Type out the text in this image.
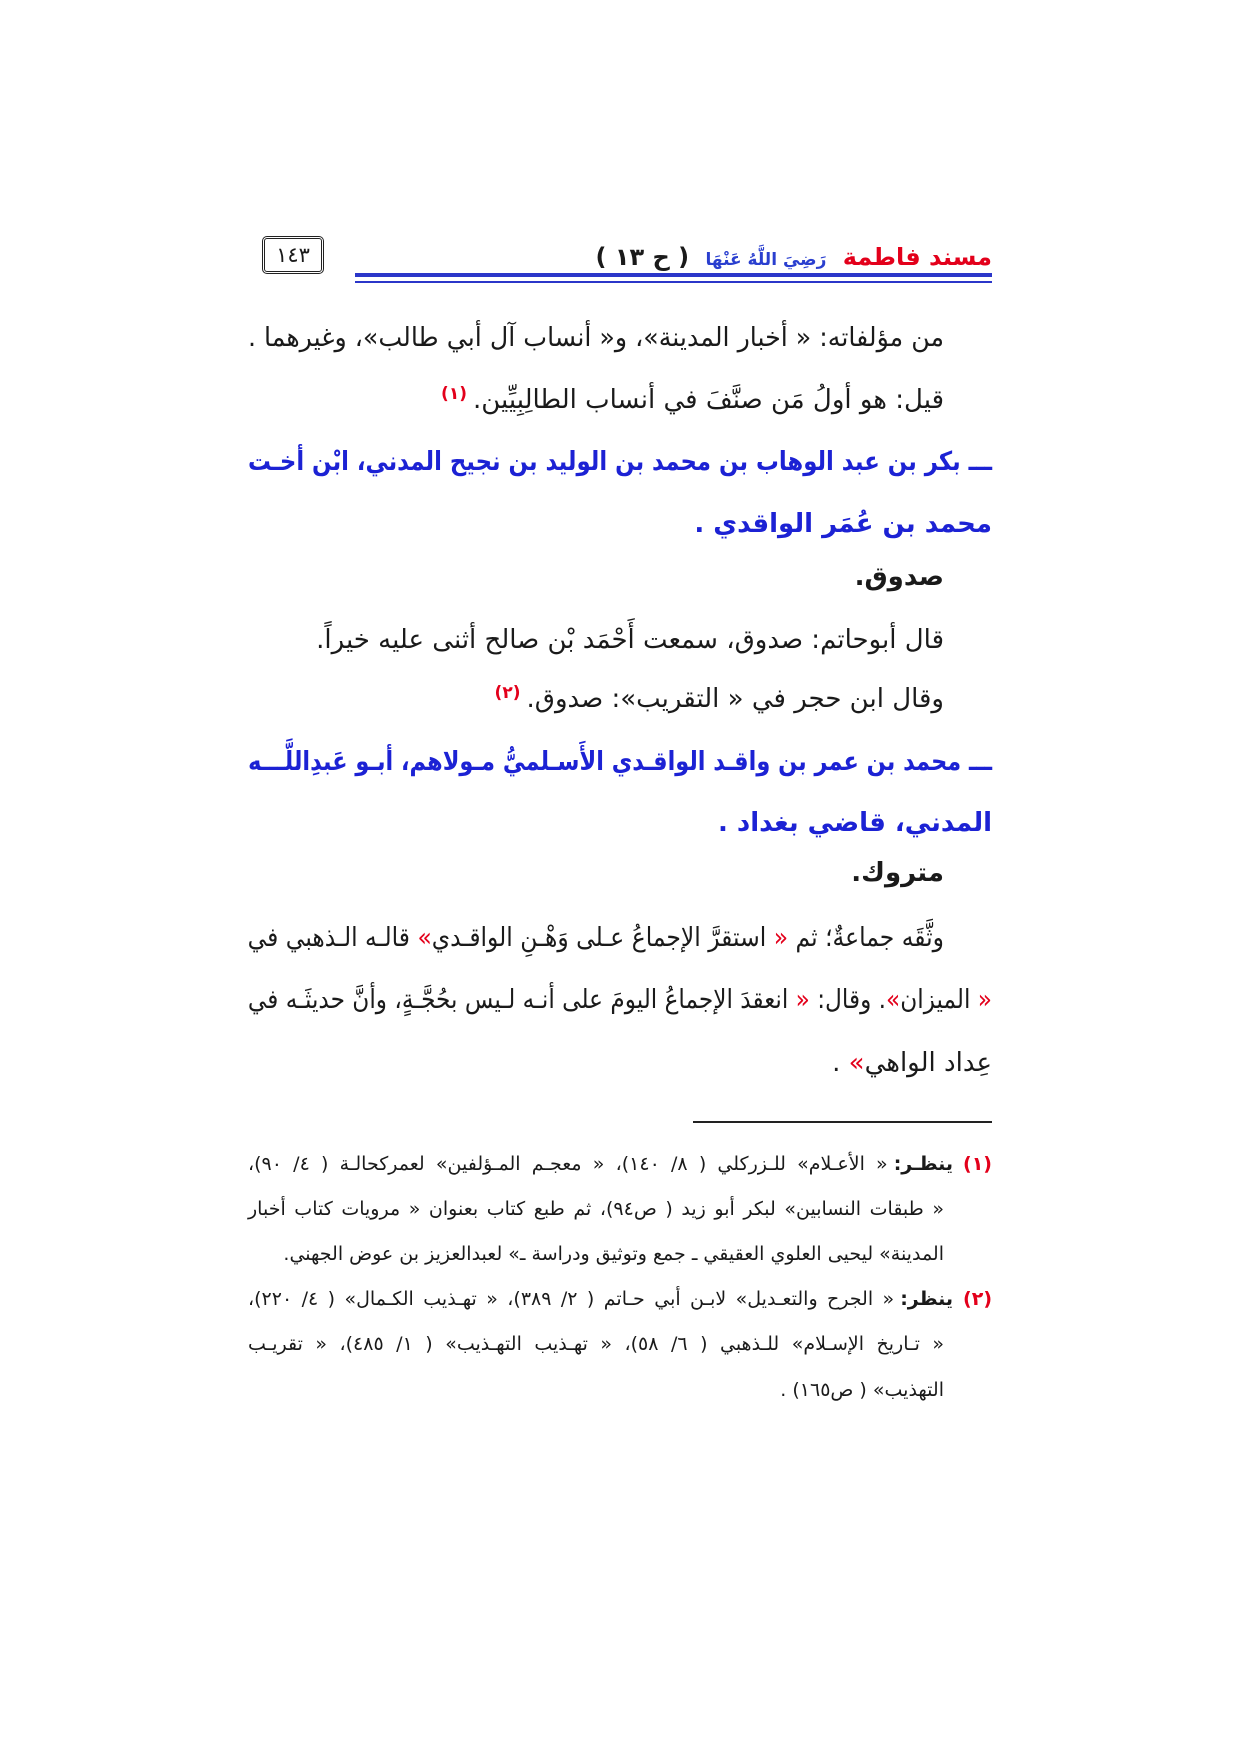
مسند فاطمة رَضِيَ اللَّهُ عَنْهَا ( ح ١٣ )
١٤٣
من مؤلفاته: « أخبار المدينة»، و« أنساب آل أبي طالب»، وغيرهما .
قيل: هو أولُ مَن صنَّفَ في أنساب الطالِبِيِّين.$^{(١)}$
ـــ بكر بن عبد الوهاب بن محمد بن الوليد بن نجيح المدني، ابْن أخـت
محمد بن عُمَر الواقدي .
صدوق.
قال أبوحاتم: صدوق، سمعت أَحْمَد بْن صالح أثنى عليه خيراً.
وقال ابن حجر في « التقريب»: صدوق.$^{(٢)}$
ـــ محمد بن عمر بن واقـد الواقـدي الأَسـلميُّ مـولاهم، أبـو عَبدِاللَّـــه
المدني، قاضي بغداد .
متروك.
وثَّقَه جماعةٌ؛ ثم « استقرَّ الإجماعُ عـلى وَهْـنِ الواقـدي» قالـه الـذهبي في
« الميزان». وقال: « انعقدَ الإجماعُ اليومَ على أنـه لـيس بحُجَّـةٍ، وأنَّ حديثَـه في
عِداد الواهي» .
(١)ينظـر:« الأعـلام» للـزركلي ( ٨/ ١٤٠)، « معجـم المـؤلفين» لعمركحالـة ( ٤/ ٩٠)،
« طبقات النسابين» لبكر أبو زيد ( ص٩٤)، ثم طبع كتاب بعنوان « مرويات كتاب أخبار
المدينة» ليحيى العلوي العقيقي ـ جمع وتوثيق ودراسة ـ» لعبدالعزيز بن عوض الجهني.
(٢)ينظر:« الجرح والتعـديل» لابـن أبي حـاتم ( ٢/ ٣٨٩)، « تهـذيب الكـمال» ( ٤/ ٢٢٠)،
« تـاريخ الإسـلام» للـذهبي ( ٦/ ٥٨)، « تهـذيب التهـذيب» ( ١/ ٤٨٥)، « تقريـب
التهذيب» ( ص١٦٥) .
